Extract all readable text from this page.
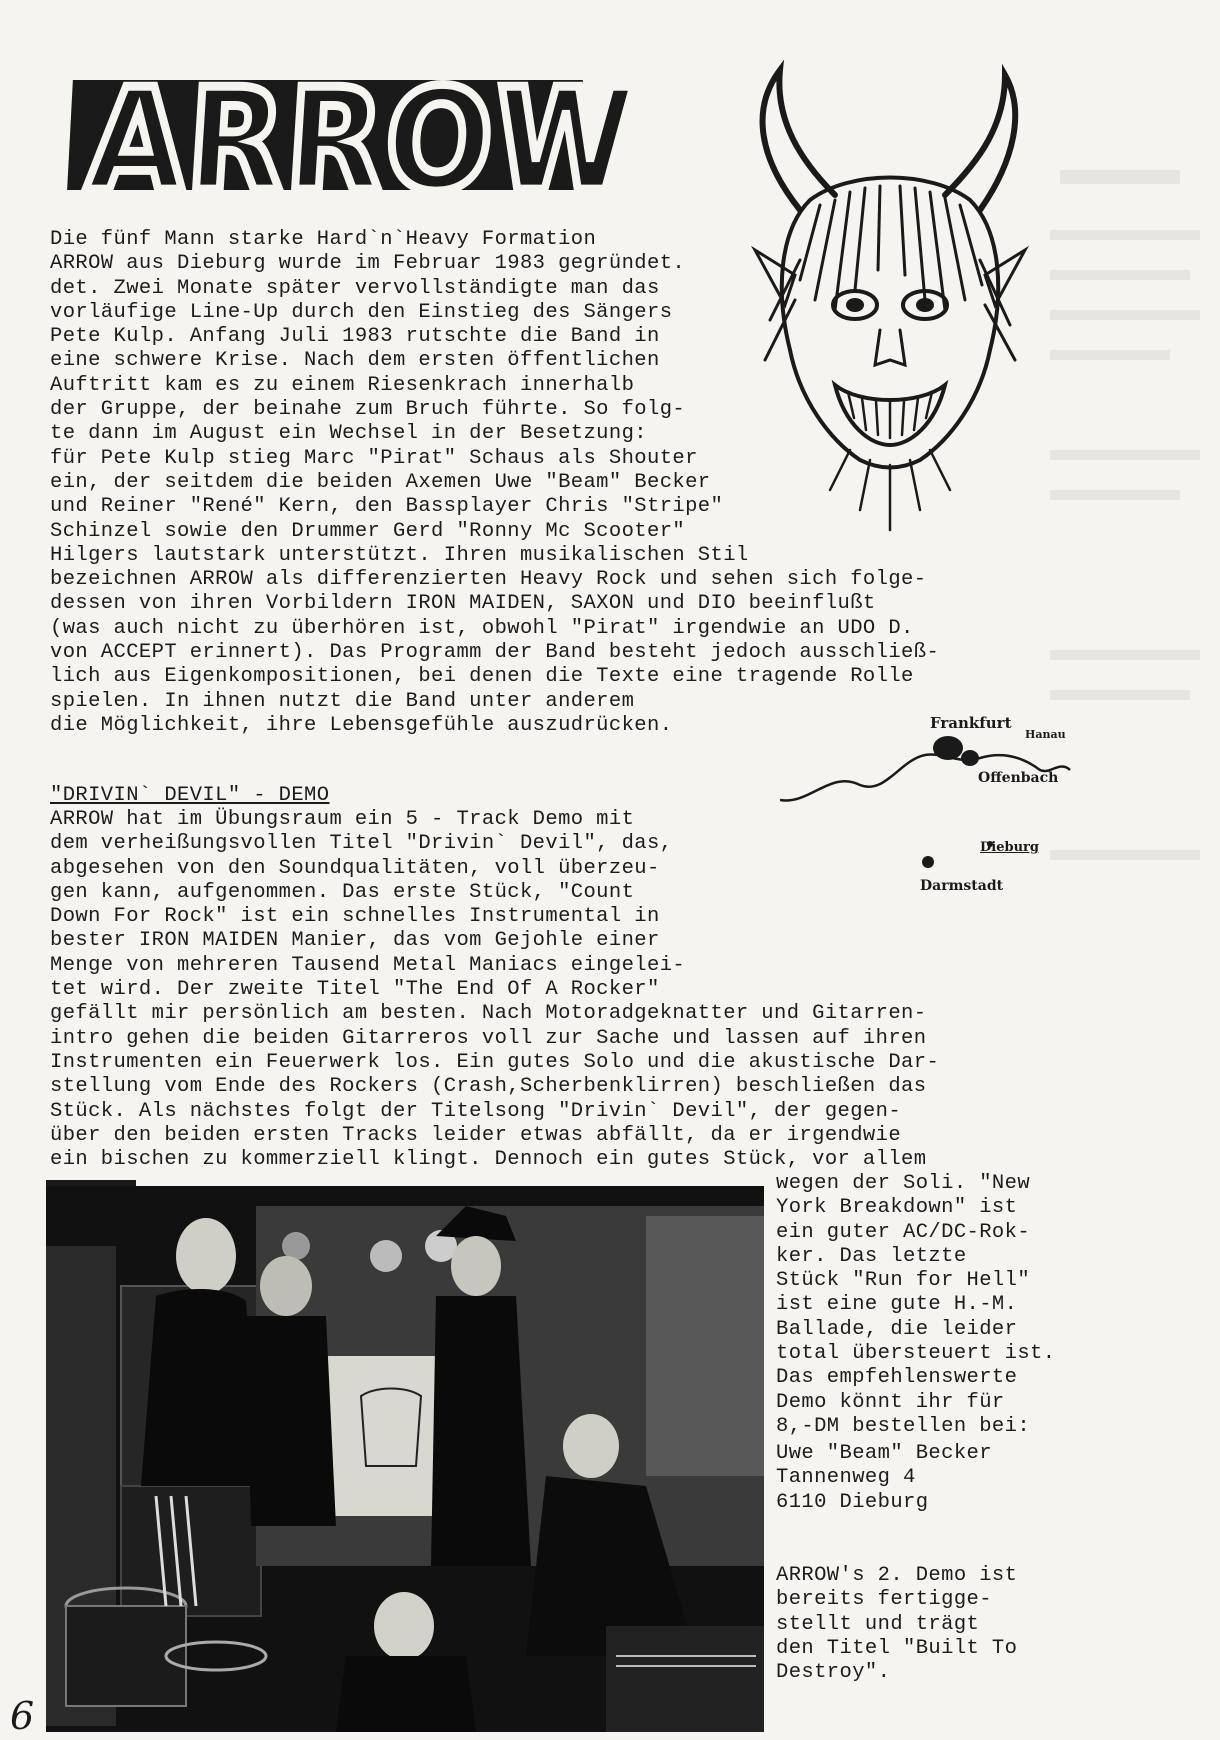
ARROW
Die fünf Mann starke Hard`n`Heavy Formation
ARROW aus Dieburg wurde im Februar 1983 gegründet.
det. Zwei Monate später vervollständigte man das
vorläufige Line-Up durch den Einstieg des Sängers
Pete Kulp. Anfang Juli 1983 rutschte die Band in
eine schwere Krise. Nach dem ersten öffentlichen
Auftritt kam es zu einem Riesenkrach innerhalb
der Gruppe, der beinahe zum Bruch führte. So folg-
te dann im August ein Wechsel in der Besetzung:
für Pete Kulp stieg Marc "Pirat" Schaus als Shouter
ein, der seitdem die beiden Axemen Uwe "Beam" Becker
und Reiner "René" Kern, den Bassplayer Chris "Stripe"
Schinzel sowie den Drummer Gerd "Ronny Mc Scooter"
Hilgers lautstark unterstützt. Ihren musikalischen Stil
bezeichnen ARROW als differenzierten Heavy Rock und sehen sich folge-
dessen von ihren Vorbildern IRON MAIDEN, SAXON und DIO beeinflußt
(was auch nicht zu überhören ist, obwohl "Pirat" irgendwie an UDO D.
von ACCEPT erinnert). Das Programm der Band besteht jedoch ausschließ-
lich aus Eigenkompositionen, bei denen die Texte eine tragende Rolle
spielen. In ihnen nutzt die Band unter anderem
die Möglichkeit, ihre Lebensgefühle auszudrücken.
"DRIVIN` DEVIL" - DEMO
ARROW hat im Übungsraum ein 5 - Track Demo mit
dem verheißungsvollen Titel "Drivin` Devil", das,
abgesehen von den Soundqualitäten, voll überzeu-
gen kann, aufgenommen. Das erste Stück, "Count
Down For Rock" ist ein schnelles Instrumental in
bester IRON MAIDEN Manier, das vom Gejohle einer
Menge von mehreren Tausend Metal Maniacs eingelei-
tet wird. Der zweite Titel "The End Of A Rocker"
gefällt mir persönlich am besten. Nach Motoradgeknatter und Gitarren-
intro gehen die beiden Gitarreros voll zur Sache und lassen auf ihren
Instrumenten ein Feuerwerk los. Ein gutes Solo und die akustische Dar-
stellung vom Ende des Rockers (Crash,Scherbenklirren) beschließen das
Stück. Als nächstes folgt der Titelsong "Drivin` Devil", der gegen-
über den beiden ersten Tracks leider etwas abfällt, da er irgendwie
ein bischen zu kommerziell klingt. Dennoch ein gutes Stück, vor allem
wegen der Soli. "New
York Breakdown" ist
ein guter AC/DC-Rok-
ker. Das letzte
Stück "Run for Hell"
ist eine gute H.-M.
Ballade, die leider
total übersteuert ist.
Das empfehlenswerte
Demo könnt ihr für
8,-DM bestellen bei:
Uwe "Beam" Becker
Tannenweg 4
6110 Dieburg
ARROW's 2. Demo ist
bereits fertigge-
stellt und trägt
den Titel "Built To
Destroy".
Frankfurt
Hanau
Offenbach
Dieburg
Darmstadt
6
